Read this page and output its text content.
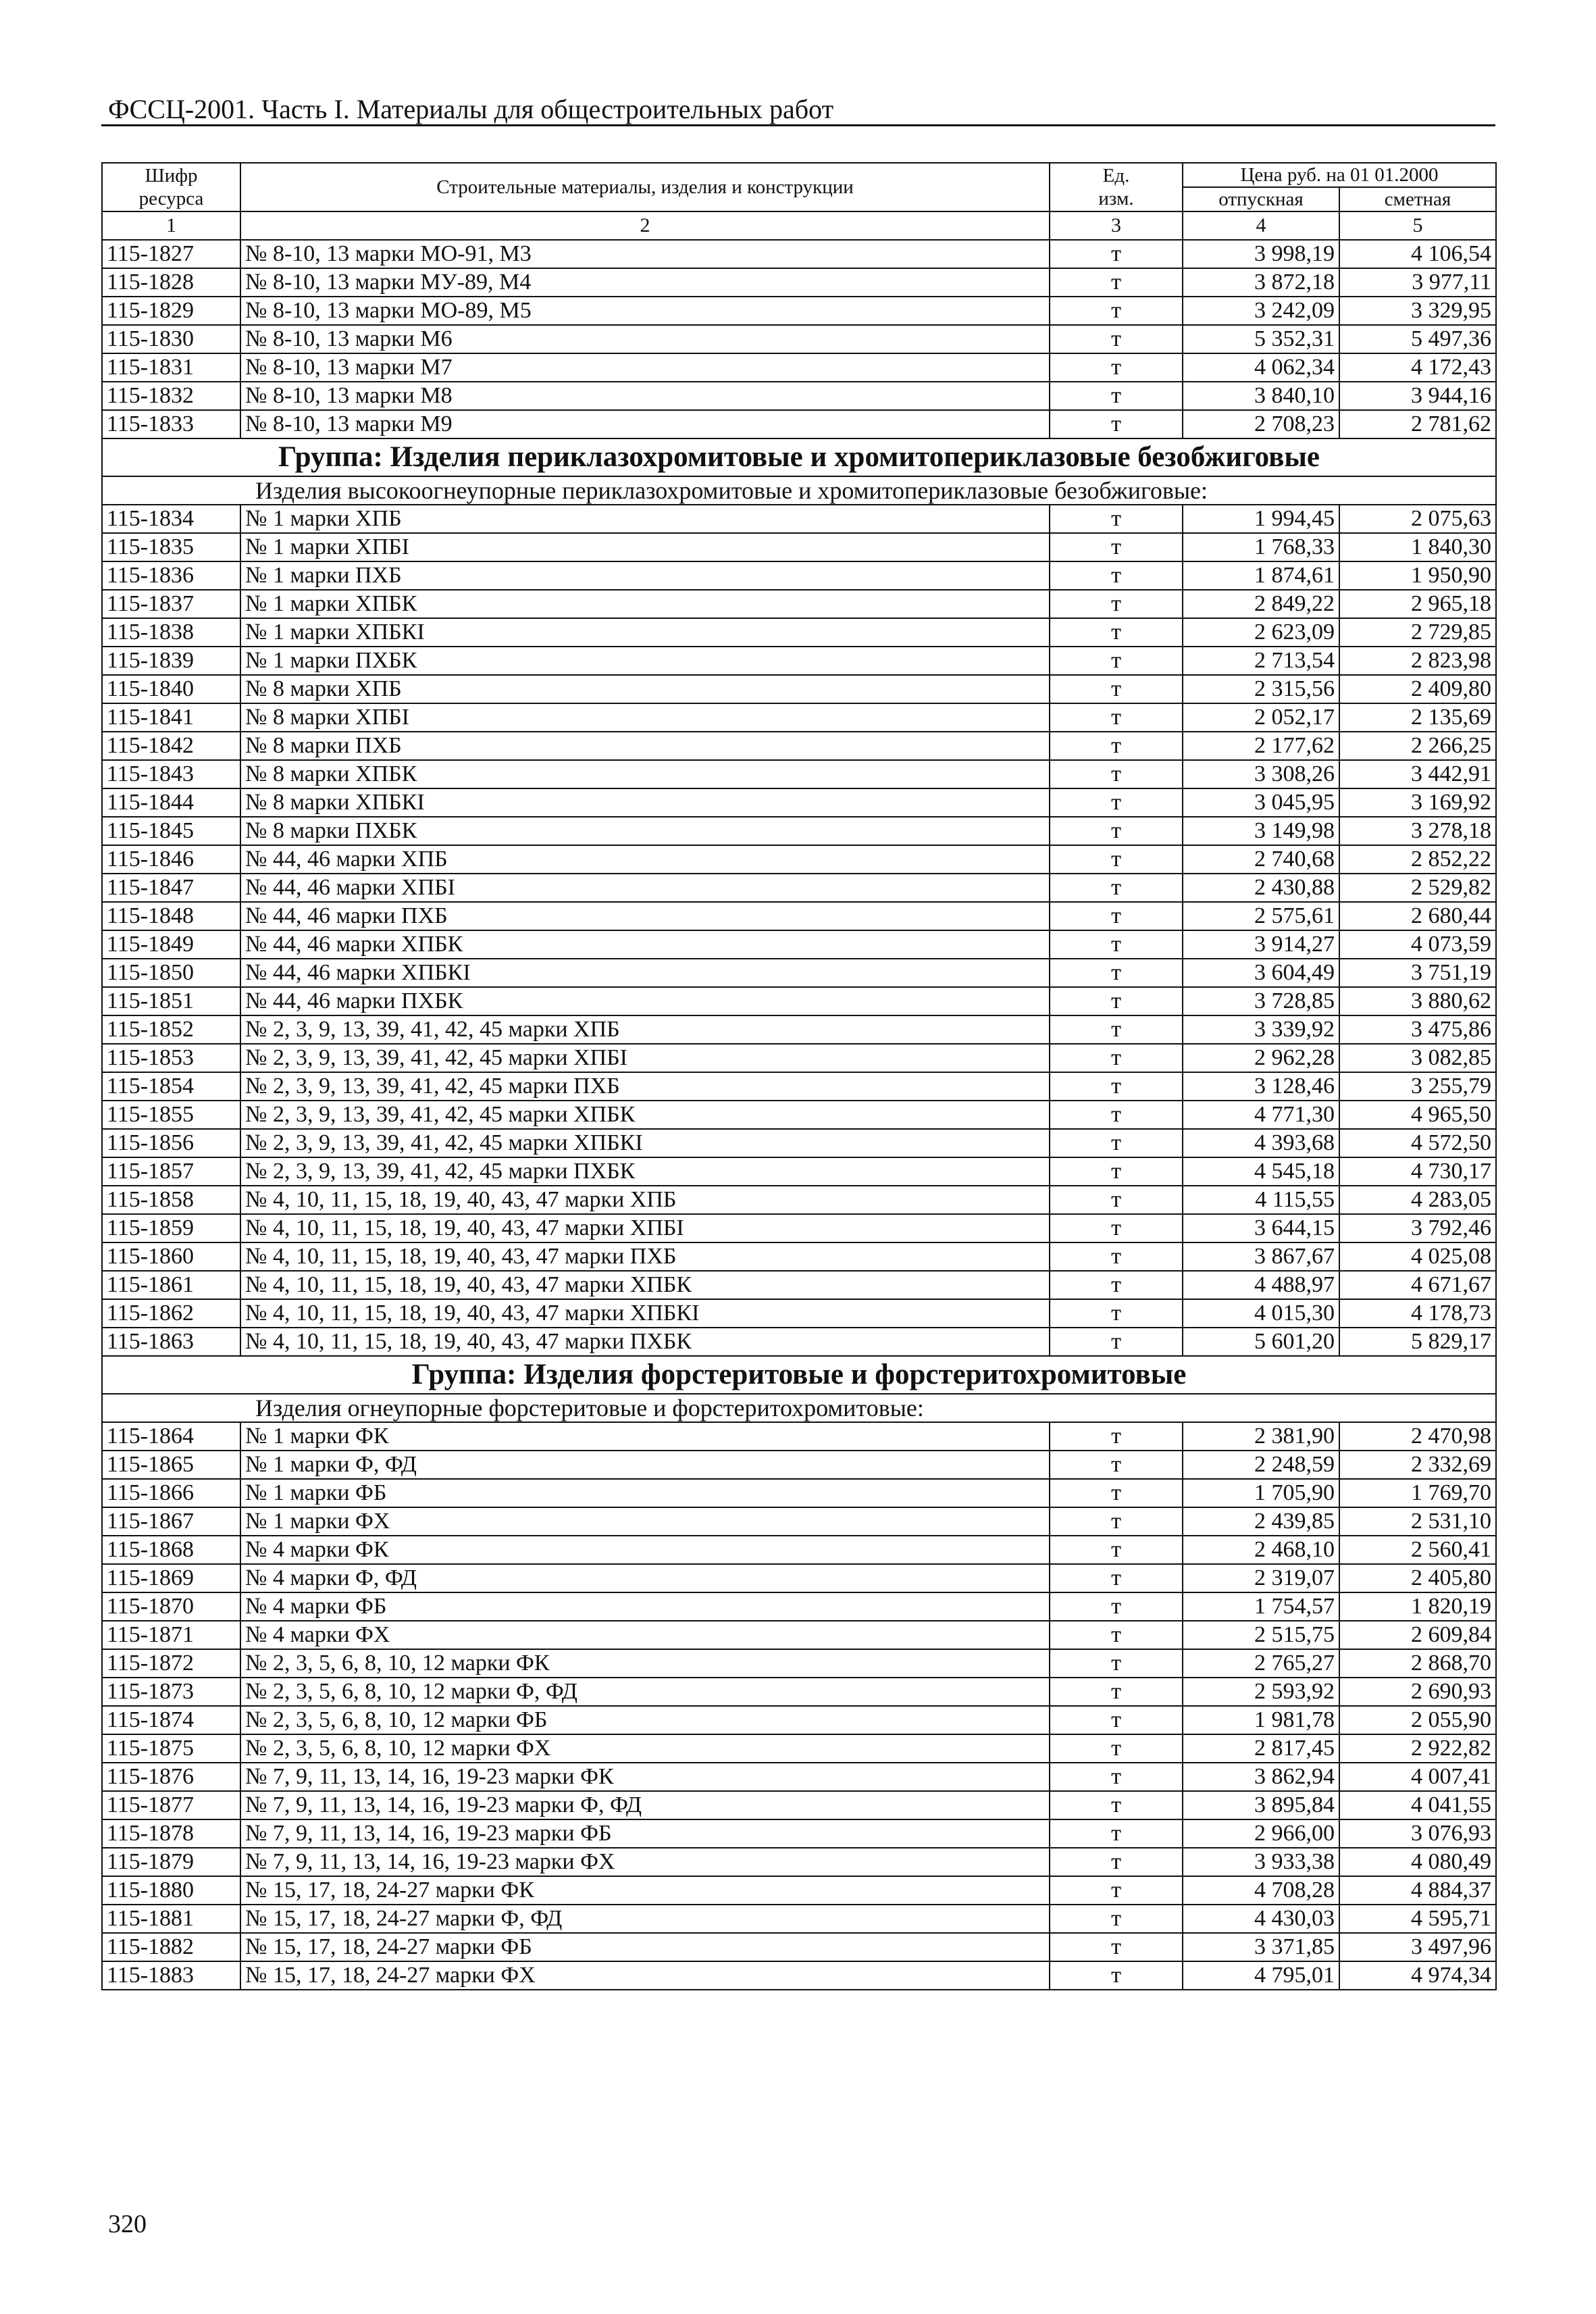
ФССЦ-2001. Часть I. Материалы для общестроительных работ
Шифр ресурса	Строительные материалы, изделия и конструкции	Ед. изм.	Цена руб. на 01 01.2000	
			отпускная	сметная
1	2	3	4	5
115-1827	№ 8-10, 13 марки МО-91, М3	т	3 998,19	4 106,54
115-1828	№ 8-10, 13 марки МУ-89, М4	т	3 872,18	3 977,11
115-1829	№ 8-10, 13 марки МО-89, М5	т	3 242,09	3 329,95
115-1830	№ 8-10, 13 марки М6	т	5 352,31	5 497,36
115-1831	№ 8-10, 13 марки М7	т	4 062,34	4 172,43
115-1832	№ 8-10, 13 марки М8	т	3 840,10	3 944,16
115-1833	№ 8-10, 13 марки М9	т	2 708,23	2 781,62
Группа: Изделия периклазохромитовые и хромитопериклазовые безобжиговые				
Изделия высокоогнеупорные периклазохромитовые и хромитопериклазовые безобжиговые:				
115-1834	№ 1 марки ХПБ	т	1 994,45	2 075,63
115-1835	№ 1 марки ХПБI	т	1 768,33	1 840,30
115-1836	№ 1 марки ПХБ	т	1 874,61	1 950,90
115-1837	№ 1 марки ХПБК	т	2 849,22	2 965,18
115-1838	№ 1 марки ХПБКI	т	2 623,09	2 729,85
115-1839	№ 1 марки ПХБК	т	2 713,54	2 823,98
115-1840	№ 8 марки ХПБ	т	2 315,56	2 409,80
115-1841	№ 8 марки ХПБI	т	2 052,17	2 135,69
115-1842	№ 8 марки ПХБ	т	2 177,62	2 266,25
115-1843	№ 8 марки ХПБК	т	3 308,26	3 442,91
115-1844	№ 8 марки ХПБКI	т	3 045,95	3 169,92
115-1845	№ 8 марки ПХБК	т	3 149,98	3 278,18
115-1846	№ 44, 46 марки ХПБ	т	2 740,68	2 852,22
115-1847	№ 44, 46 марки ХПБI	т	2 430,88	2 529,82
115-1848	№ 44, 46 марки ПХБ	т	2 575,61	2 680,44
115-1849	№ 44, 46 марки ХПБК	т	3 914,27	4 073,59
115-1850	№ 44, 46 марки ХПБКI	т	3 604,49	3 751,19
115-1851	№ 44, 46 марки ПХБК	т	3 728,85	3 880,62
115-1852	№ 2, 3, 9, 13, 39, 41, 42, 45 марки ХПБ	т	3 339,92	3 475,86
115-1853	№ 2, 3, 9, 13, 39, 41, 42, 45 марки ХПБI	т	2 962,28	3 082,85
115-1854	№ 2, 3, 9, 13, 39, 41, 42, 45 марки ПХБ	т	3 128,46	3 255,79
115-1855	№ 2, 3, 9, 13, 39, 41, 42, 45 марки ХПБК	т	4 771,30	4 965,50
115-1856	№ 2, 3, 9, 13, 39, 41, 42, 45 марки ХПБКI	т	4 393,68	4 572,50
115-1857	№ 2, 3, 9, 13, 39, 41, 42, 45 марки ПХБК	т	4 545,18	4 730,17
115-1858	№ 4, 10, 11, 15, 18, 19, 40, 43, 47 марки ХПБ	т	4 115,55	4 283,05
115-1859	№ 4, 10, 11, 15, 18, 19, 40, 43, 47 марки ХПБI	т	3 644,15	3 792,46
115-1860	№ 4, 10, 11, 15, 18, 19, 40, 43, 47 марки ПХБ	т	3 867,67	4 025,08
115-1861	№ 4, 10, 11, 15, 18, 19, 40, 43, 47 марки ХПБК	т	4 488,97	4 671,67
115-1862	№ 4, 10, 11, 15, 18, 19, 40, 43, 47 марки ХПБКI	т	4 015,30	4 178,73
115-1863	№ 4, 10, 11, 15, 18, 19, 40, 43, 47 марки ПХБК	т	5 601,20	5 829,17
Группа: Изделия форстеритовые и форстеритохромитовые				
Изделия огнеупорные форстеритовые и форстеритохромитовые:				
115-1864	№ 1 марки ФК	т	2 381,90	2 470,98
115-1865	№ 1 марки Ф, ФД	т	2 248,59	2 332,69
115-1866	№ 1 марки ФБ	т	1 705,90	1 769,70
115-1867	№ 1 марки ФХ	т	2 439,85	2 531,10
115-1868	№ 4 марки ФК	т	2 468,10	2 560,41
115-1869	№ 4 марки Ф, ФД	т	2 319,07	2 405,80
115-1870	№ 4 марки ФБ	т	1 754,57	1 820,19
115-1871	№ 4 марки ФХ	т	2 515,75	2 609,84
115-1872	№ 2, 3, 5, 6, 8, 10, 12 марки ФК	т	2 765,27	2 868,70
115-1873	№ 2, 3, 5, 6, 8, 10, 12 марки Ф, ФД	т	2 593,92	2 690,93
115-1874	№ 2, 3, 5, 6, 8, 10, 12 марки ФБ	т	1 981,78	2 055,90
115-1875	№ 2, 3, 5, 6, 8, 10, 12 марки ФХ	т	2 817,45	2 922,82
115-1876	№ 7, 9, 11, 13, 14, 16, 19-23 марки ФК	т	3 862,94	4 007,41
115-1877	№ 7, 9, 11, 13, 14, 16, 19-23 марки Ф, ФД	т	3 895,84	4 041,55
115-1878	№ 7, 9, 11, 13, 14, 16, 19-23 марки ФБ	т	2 966,00	3 076,93
115-1879	№ 7, 9, 11, 13, 14, 16, 19-23 марки ФХ	т	3 933,38	4 080,49
115-1880	№ 15, 17, 18, 24-27 марки ФК	т	4 708,28	4 884,37
115-1881	№ 15, 17, 18, 24-27 марки Ф, ФД	т	4 430,03	4 595,71
115-1882	№ 15, 17, 18, 24-27 марки ФБ	т	3 371,85	3 497,96
115-1883	№ 15, 17, 18, 24-27 марки ФХ	т	4 795,01	4 974,34
320
